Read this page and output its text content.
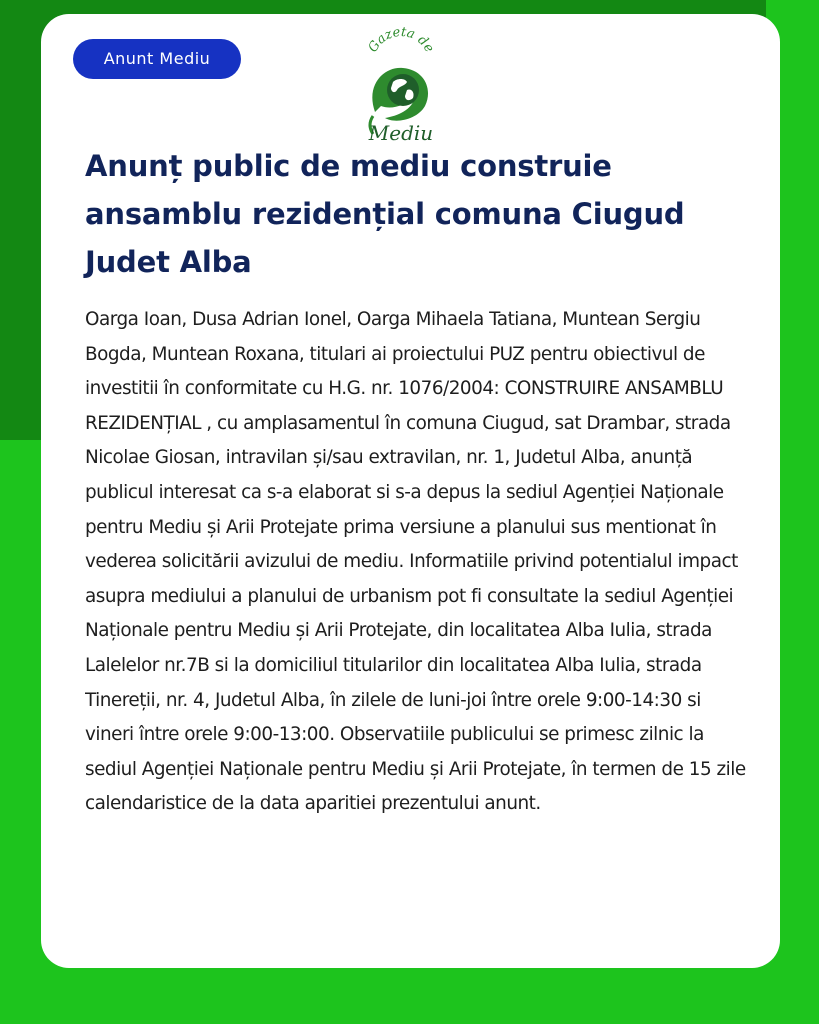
Anunt Mediu
Gazeta de
Mediu
Anunț public de mediu construie ansamblu rezidențial comuna Ciugud Judet Alba

Oarga Ioan, Dusa Adrian Ionel, Oarga Mihaela Tatiana, Muntean Sergiu Bogda, Muntean Roxana, titulari ai proiectului PUZ pentru obiectivul de investitii în conformitate cu H.G. nr. 1076/2004: CONSTRUIRE ANSAMBLU REZIDENȚIAL , cu amplasamentul în comuna Ciugud, sat Drambar, strada Nicolae Giosan, intravilan și/sau extravilan, nr. 1, Judetul Alba, anunță publicul interesat ca s-a elaborat si s-a depus la sediul Agenției Naționale pentru Mediu și Arii Protejate prima versiune a planului sus mentionat în vederea solicitării avizului de mediu. Informatiile privind potentialul impact asupra mediului a planului de urbanism pot fi consultate la sediul Agenției Naționale pentru Mediu și Arii Protejate, din localitatea Alba Iulia, strada Lalelelor nr.7B si la domiciliul titularilor din localitatea Alba Iulia, strada Tinereții, nr. 4, Judetul Alba, în zilele de luni-joi între orele 9:00-14:30 si vineri între orele 9:00-13:00. Observatiile publicului se primesc zilnic la sediul Agenției Naționale pentru Mediu și Arii Protejate, în termen de 15 zile calendaristice de la data aparitiei prezentului anunt.
